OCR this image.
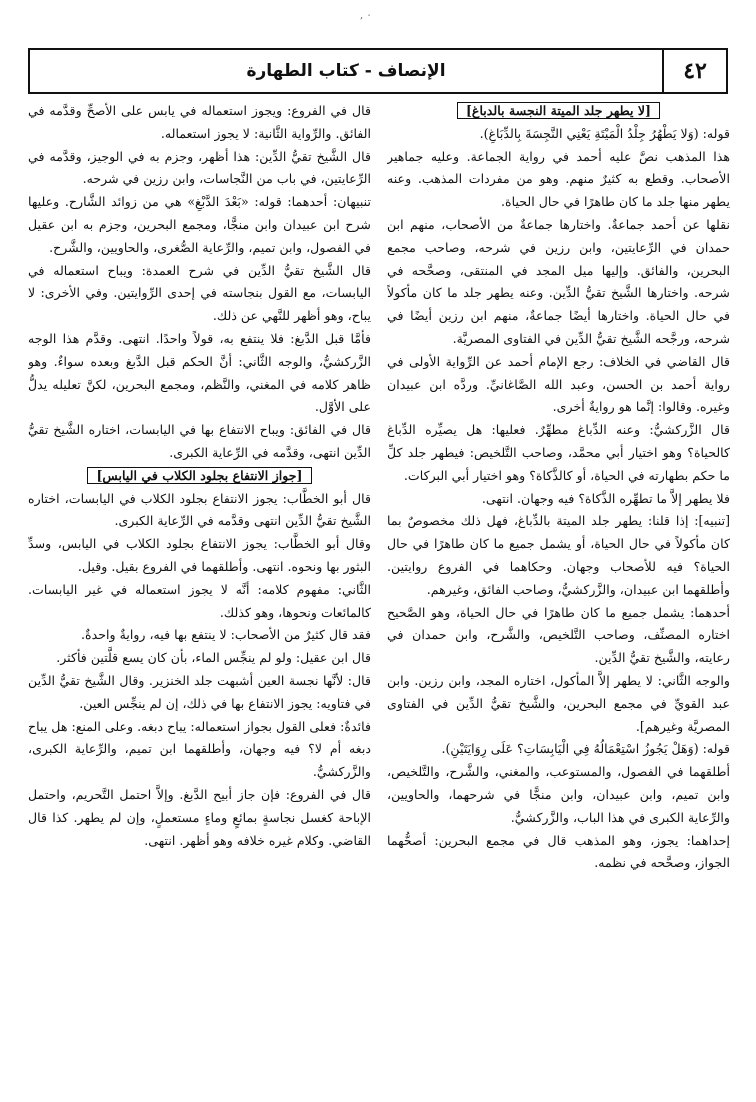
٠ ,
٤٢
الإنصاف - كتاب الطهارة

[لا يطهر جلد الميتة النجسة بالدباغ]

قوله: (وَلا يَطْهُرُ جِلْدُ الْمَيْتَةِ يَعْنِي النَّجِسَةَ بِالدِّبَاغِ).

هذا المذهب نصَّ عليه أحمد في رواية الجماعة. وعليه جماهير الأصحاب. وقطع به كثيرٌ منهم. وهو من مفردات المذهب. وعنه يطهر منها جلد ما كان طاهرًا في حال الحياة.

نقلها عن أحمد جماعةٌ. واختارها جماعةٌ من الأصحاب، منهم ابن حمدان في الرِّعايتين، وابن رزين في شرحه، وصاحب مجمع البحرين، والفائق. وإليها ميل المجد في المنتقى، وصحَّحه في شرحه. واختارها الشَّيخ تقيُّ الدِّين. وعنه يطهر جلد ما كان مأكولاً في حال الحياة. واختارها أيضًا جماعةٌ، منهم ابن رزين أيضًا في شرحه، ورجَّحه الشَّيخ تقيُّ الدِّين في الفتاوى المصريَّة.

قال القاضي في الخلاف: رجع الإمام أحمد عن الرِّواية الأولى في رواية أحمد بن الحسن، وعبد الله الصَّاغانيِّ. وردَّه ابن عبيدان وغيره. وقالوا: إنَّما هو روايةٌ أخرى.

قال الزَّركشيُّ: وعنه الدِّباغ مطهِّرٌ. فعليها: هل يصيِّره الدِّباغ كالحياة؟ وهو اختيار أبي محمَّد، وصاحب التَّلخيص: فيطهر جلد كلِّ ما حكم بطهارته في الحياة، أو كالذَّكاة؟ وهو اختيار أبي البركات.

فلا يطهر إلاَّ ما تطهِّره الذَّكاة؟ فيه وجهان. انتهى.

[تنبيه]: إذا قلنا: يطهر جلد الميتة بالدِّباغ، فهل ذلك مخصوصٌ بما كان مأكولاً في حال الحياة، أو يشمل جميع ما كان طاهرًا في حال الحياة؟ فيه للأصحاب وجهان. وحكاهما في الفروع روايتين. وأطلقهما ابن عبيدان، والزَّركشيُّ، وصاحب الفائق، وغيرهم.

أحدهما: يشمل جميع ما كان طاهرًا في حال الحياة، وهو الصَّحيح اختاره المصنِّف، وصاحب التَّلخيص، والشَّرح، وابن حمدان في رعايته، والشَّيخ تقيُّ الدِّين.

والوجه الثَّاني: لا يطهر إلاَّ المأكول، اختاره المجد، وابن رزين. وابن عبد القويِّ في مجمع البحرين، والشَّيخ تقيُّ الدِّين في الفتاوى المصريَّة وغيرهم].

قوله: (وَهَلْ يَجُوزُ اسْتِعْمَالُهُ فِي الْيَابِسَاتِ؟ عَلَى رِوَايَتَيْنِ).

أطلقهما في الفصول، والمستوعب، والمغني، والشَّرح، والتَّلخيص، وابن تميم، وابن عبيدان، وابن منجًّا في شرحهما، والحاويين، والرِّعاية الكبرى في هذا الباب، والزَّركشيُّ.

إحداهما: يجوز، وهو المذهب قال في مجمع البحرين: أصحُّهما الجواز، وصحَّحه في نظمه.

قال في الفروع: ويجوز استعماله في يابس على الأصحِّ وقدَّمه في الفائق. والرِّواية الثَّانية: لا يجوز استعماله.

قال الشَّيخ تقيُّ الدِّين: هذا أظهر، وجزم به في الوجيز، وقدَّمه في الرِّعايتين، في باب من النَّجاسات، وابن رزين في شرحه.

تنبيهان: أحدهما: قوله: «بَعْدَ الدَّبْغِ» هي من زوائد الشَّارح. وعليها شرح ابن عبيدان وابن منجًّا، ومجمع البحرين، وجزم به ابن عقيل في الفصول، وابن تميم، والرِّعاية الصُّغرى، والحاويين، والشَّرح.

قال الشَّيخ تقيُّ الدِّين في شرح العمدة: ويباح استعماله في اليابسات، مع القول بنجاسته في إحدى الرِّوايتين. وفي الأخرى: لا يباح، وهو أظهر للنَّهي عن ذلك.

فأمَّا قبل الدَّبغ: فلا ينتفع به، قولاً واحدًا. انتهى. وقدَّم هذا الوجه الزَّركشيُّ، والوجه الثَّاني: أنَّ الحكم قبل الدَّبغ وبعده سواءٌ. وهو ظاهر كلامه في المغني، والنَّظم، ومجمع البحرين، لكنَّ تعليله يدلُّ على الأوَّل.

قال في الفائق: ويباح الانتفاع بها في اليابسات، اختاره الشَّيخ تقيُّ الدِّين انتهى، وقدَّمه في الرِّعاية الكبرى.

[جواز الانتفاع بجلود الكلاب في اليابس]

قال أبو الخطَّاب: يجوز الانتفاع بجلود الكلاب في اليابسات، اختاره الشَّيخ تقيُّ الدِّين انتهى وقدَّمه في الرِّعاية الكبرى.

وقال أبو الخطَّاب: يجوز الانتفاع بجلود الكلاب في اليابس، وسدِّ البثور بها ونحوه. انتهى. وأطلقهما في الفروع بقيل. وقيل.

الثَّاني: مفهوم كلامه: أنَّه لا يجوز استعماله في غير اليابسات. كالمائعات ونحوها، وهو كذلك.

فقد قال كثيرٌ من الأصحاب: لا ينتفع بها فيه، روايةٌ واحدةٌ.

قال ابن عقيل: ولو لم ينجِّس الماء، بأن كان يسع قلَّتين فأكثر.

قال: لأنَّها نجسة العين أشبهت جلد الخنزير. وقال الشَّيخ تقيُّ الدِّين في فتاويه: يجوز الانتفاع بها في ذلك، إن لم ينجِّس العين.

فائدةٌ: فعلى القول بجواز استعماله: يباح دبغه. وعلى المنع: هل يباح دبغه أم لا؟ فيه وجهان، وأطلقهما ابن تميم، والرِّعاية الكبرى، والزَّركشيُّ.

قال في الفروع: فإن جاز أبيح الدَّبغ. وإلاَّ احتمل التَّحريم، واحتمل الإباحة كغسل نجاسةٍ بمائعٍ وماءٍ مستعملٍ، وإن لم يطهر. كذا قال القاضي. وكلام غيره خلافه وهو أظهر. انتهى.
